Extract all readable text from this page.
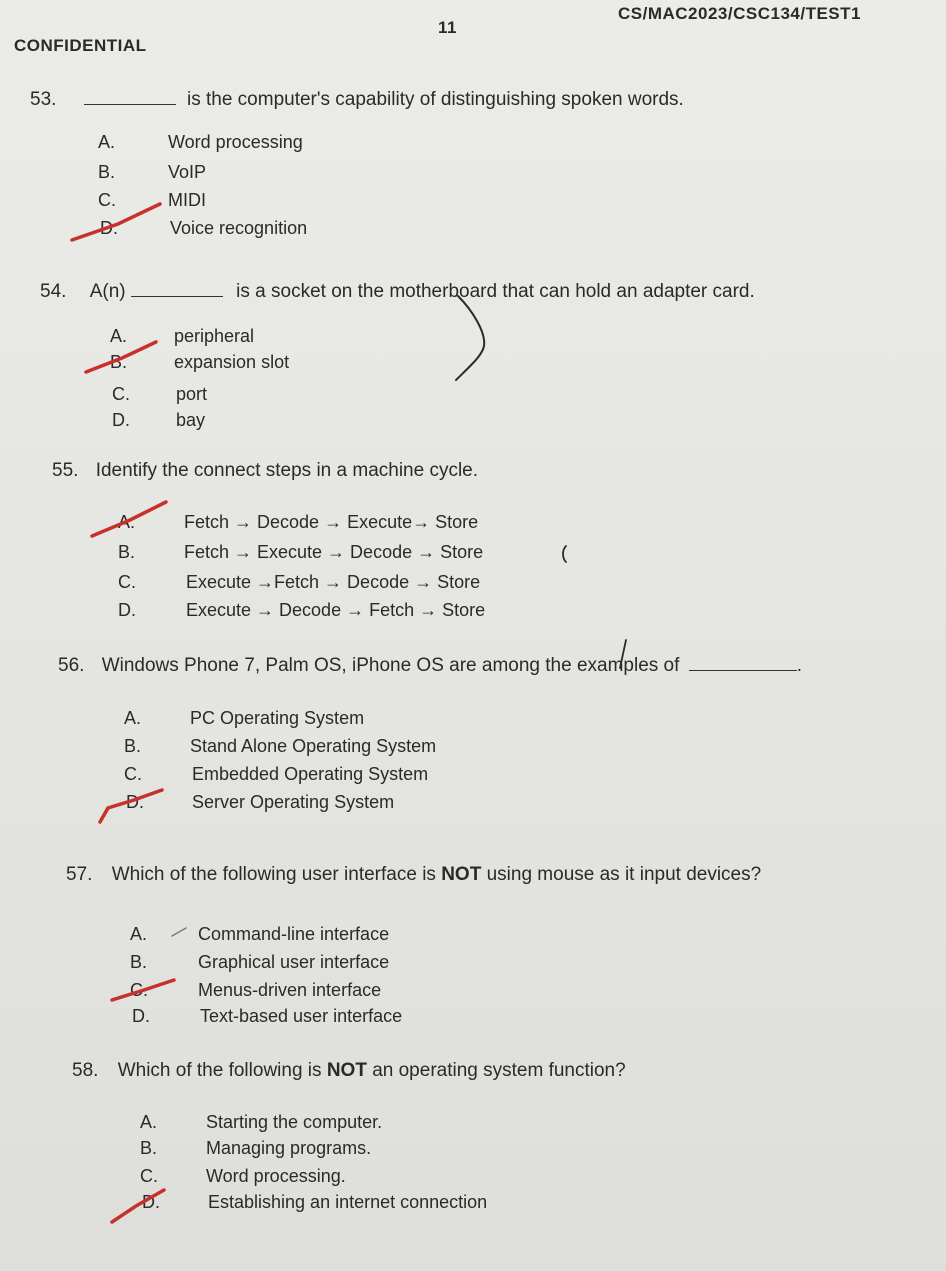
CS/MAC2023/CSC134/TEST1
11
CONFIDENTIAL
53.	is the computer's capability of distinguishing spoken words.
A.	Word processing
B.	VoIP
C.	MIDI
D.	Voice recognition
54. A(n)	is a socket on the motherboard that can hold an adapter card.
A.	peripheral
B.	expansion slot
C.	port
D.	bay
55. Identify the connect steps in a machine cycle.
A.	Fetch → Decode → Execute→ Store
B.	Fetch → Execute → Decode → Store
C.	Execute →Fetch → Decode → Store
D.	Execute → Decode → Fetch → Store
56. Windows Phone 7, Palm OS, iPhone OS are among the examples of	.
A.	PC Operating System
B.	Stand Alone Operating System
C.	Embedded Operating System
D.	Server Operating System
57. Which of the following user interface is NOT using mouse as it input devices?
A.	Command-line interface
B.	Graphical user interface
C.	Menus-driven interface
D.	Text-based user interface
58. Which of the following is NOT an operating system function?
A.	Starting the computer.
B.	Managing programs.
C.	Word processing.
D.	Establishing an internet connection
